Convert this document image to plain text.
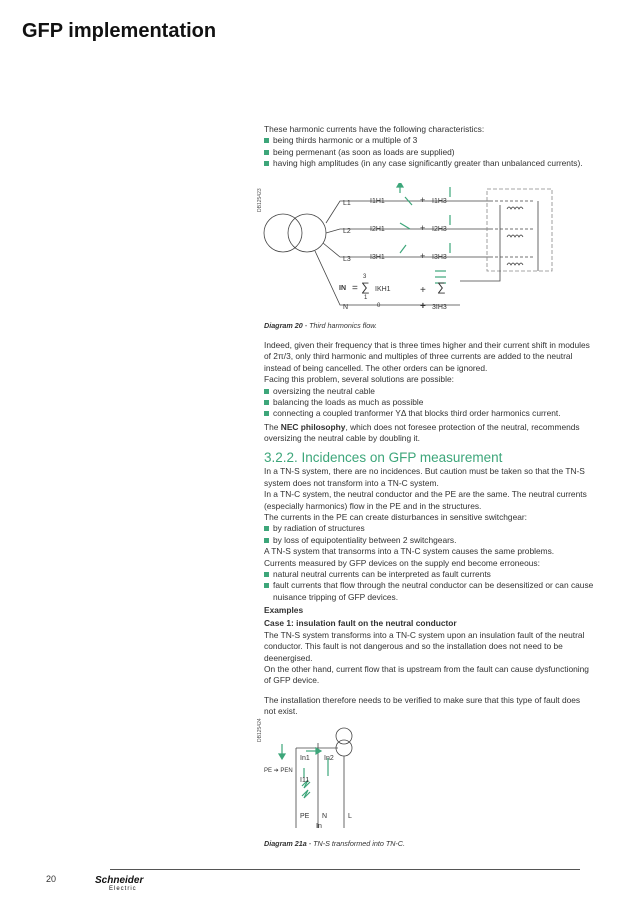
GFP implementation

These harmonic currents have the following characteristics:

being thirds harmonic or a multiple of 3

being permenant (as soon as loads are supplied)

having high amplitudes (in any case significantly greater than unbalanced currents).

DB125423	L1
L2
L3
N
I1H1	I1H3
I2H1	I2H3
I3H1	I3H3
+
+
+
IN =
3
∑
1
IKH1
0
+ ∑
+ 3IH3
Diagram 20 - Third harmonics flow.

Indeed, given their frequency that is three times higher and their current shift in modules of 2π/3, only third harmonic and multiples of three currents are added to the neutral instead of being cancelled. The other orders can be ignored.

Facing this problem, several solutions are possible:

oversizing the neutral cable

balancing the loads as much as possible

connecting a coupled tranformer YΔ that blocks third order harmonics current.

The NEC philosophy, which does not foresee protection of the neutral, recommends oversizing the neutral cable by doubling it.

3.2.2. Incidences on GFP measurement

In a TN-S system, there are no incidences. But caution must be taken so that the TN-S system does not transform into a TN-C system.

In a TN-C system, the neutral conductor and the PE are the same. The neutral currents (especially harmonics) flow in the PE and in the structures.

The currents in the PE can create disturbances in sensitive switchgear:

by radiation of structures

by loss of equipotentiality between 2 switchgears.

A TN-S system that transorms into a TN-C system causes the same problems.

Currents measured by GFP devices on the supply end become erroneous:

natural neutral currents can be interpreted as fault currents

fault currents that flow through the neutral conductor can be desensitized or can cause nuisance tripping of GFP devices.

Examples

Case 1: insulation fault on the neutral conductor

The TN-S system transforms into a TN-C system upon an insulation fault of the neutral conductor. This fault is not dangerous and so the installation does not need to be deenergised.

On the other hand, current flow that is upstream from the fault can cause dysfunctioning of GFP device.

The installation therefore needs to be verified to make sure that this type of fault does not exist.

DB125424
In1 In2
PE ➔ PEN
I11
PE N	L
In
Diagram 21a - TN-S transformed into TN-C.
20	Schneider
Electric
